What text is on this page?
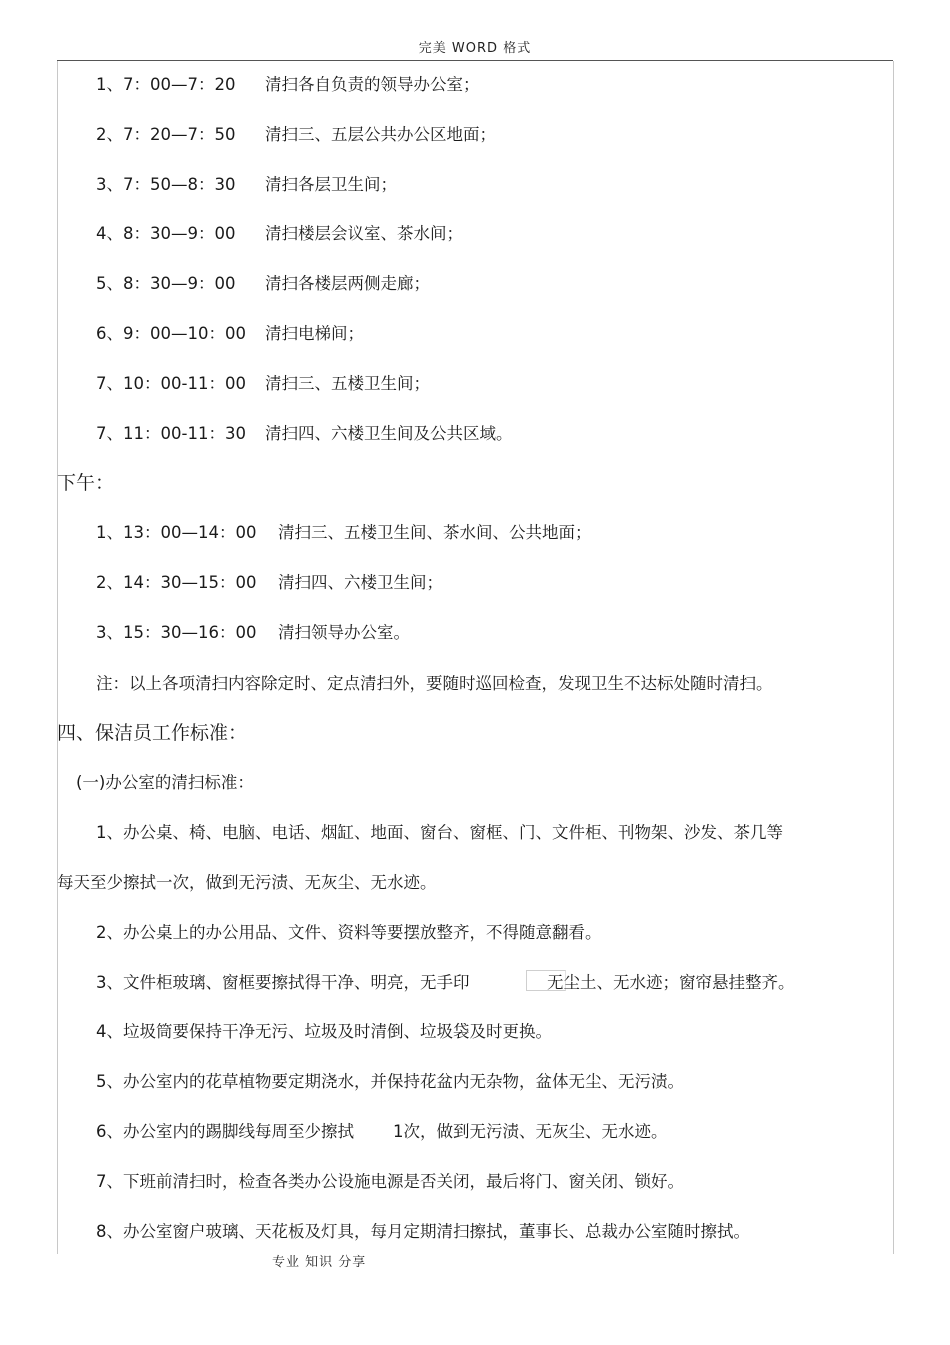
完美 WORD 格式
1、7：00—7：20 清扫各自负责的领导办公室；
2、7：20—7：50 清扫三、五层公共办公区地面；
3、7：50—8：30 清扫各层卫生间；
4、8：30—9：00 清扫楼层会议室、茶水间；
5、8：30—9：00 清扫各楼层两侧走廊；
6、9：00—10：00 清扫电梯间；
7、10：00-11：00 清扫三、五楼卫生间；
7、11：00-11：30 清扫四、六楼卫生间及公共区域。
下午：
1、13：00—14：00 清扫三、五楼卫生间、茶水间、公共地面；
2、14：30—15：00 清扫四、六楼卫生间；
3、15：30—16：00 清扫领导办公室。
注：以上各项清扫内容除定时、定点清扫外，要随时巡回检查，发现卫生不达标处随时清扫。
四、保洁员工作标准：
(一)办公室的清扫标准：
1、办公桌、椅、电脑、电话、烟缸、地面、窗台、窗框、门、文件柜、刊物架、沙发、茶几等
每天至少擦拭一次，做到无污渍、无灰尘、无水迹。
2、办公桌上的办公用品、文件、资料等要摆放整齐，不得随意翻看。
3、文件柜玻璃、窗框要擦拭得干净、明亮，无手印	无尘土、无水迹；窗帘悬挂整齐。
4、垃圾筒要保持干净无污、垃圾及时清倒、垃圾袋及时更换。
5、办公室内的花草植物要定期浇水，并保持花盆内无杂物，盆体无尘、无污渍。
6、办公室内的踢脚线每周至少擦拭 1次，做到无污渍、无灰尘、无水迹。
7、下班前清扫时，检查各类办公设施电源是否关闭，最后将门、窗关闭、锁好。
8、办公室窗户玻璃、天花板及灯具，每月定期清扫擦拭，董事长、总裁办公室随时擦拭。
专业 知识 分享
